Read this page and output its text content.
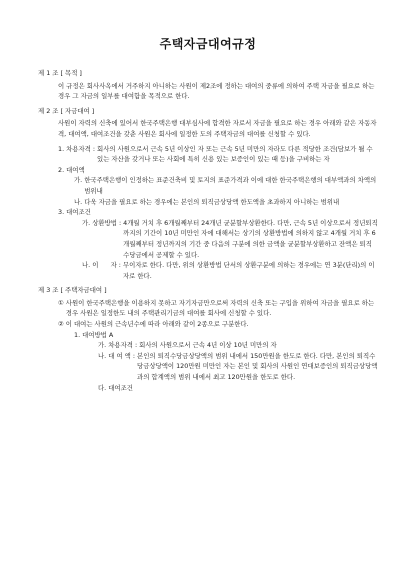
주택자금대여규정
제 1 조 [ 목적 ]
이 규정은 회사사옥에서 거주하지 아니하는 사원이 제2조에 정하는 대여의 중류에 의하여 주택 자금을 필요로 하는 경우 그 자금의 일부를 대여함을 목적으로 한다.
제 2 조 [ 자금대여 ]
사원이 자력의 신축에 있어서 한국주택은행 대부심사에 합격한 자로서 자금을 필요로 하는 경우 아래와 같은 자동자격, 대여액, 대여조건을 갖춘 사원은 회사에 일정한 도의 주택자금의 대여를 신청할 수 있다.
1. 차용자격 : 회사의 사원으로서 근속 5년 이상인 자 또는 근속 5년 미만의 자라도 다른 적당한 조건(담보가 될 수 있는 자산을 갖거나 또는 사회에 특히 신용 있는 보증인이 있는 때 등)을 구비하는 자
2. 대여액
가. 한국주택은행이 인정하는 표준건축비 및 토지의 표준가격과 이에 대한 한국주택은행의 대부액과의 차액의 범위내
나. 다욱 자금을 필요로 하는 경우에는 본인의 퇴직금상당액 한도액을 초과하지 아니하는 범위내
3. 대여조건
가. 상환방법 : 4개월 거치 후 6개월째부터 24개년 균분할부상환한다. 다만, 근속 5년 이상으로서 정년퇴직까지의 기간이 10년 미만인 자에 대해서는 상기의 상환방법에 의하지 않고 4개월 거치 후 6개월째부터 정년까지의 기간 중 다음의 구분에 의한 금액을 균분할부상환하고 잔액은 퇴직수당금에서 공제할 수 있다.
나. 이      자 : 무이자로 한다. 다만, 위의 상환방법 단서의 상환구분에 의하는 경우에는 연 3분(단리)의 이자로 한다.
제 3 조 [ 주택자금대여 ]
① 사원이 한국주택은행을 이용하지 못하고 자기자금만으로써 자력의 신축 또는 구입을 위하여 자금을 필요로 하는 경우 사원은 일정한도 내의 주택관리기금의 대여를 회사에 신청할 수 있다.
② 이 대여는 사원의 근속년수에 따라 아래와 같이 2종으로 구분한다.
1. 대여방법 A
가. 차용자격 : 회사의 사원으로서 근속 4년 이상 10년 미만의 자
나. 대 여 액 : 본인의 퇴직수당금상당액의 범위 내에서 150만원을 한도로 한다. 다만, 본인의 퇴직수당금상당액이 120만원 미만인 자는 본인 및 회사의 사원인 연대보증인의 퇴직금상당액과의 합계액의 범위 내에서 최고 120만원을 한도로 한다.
다. 대여조건
